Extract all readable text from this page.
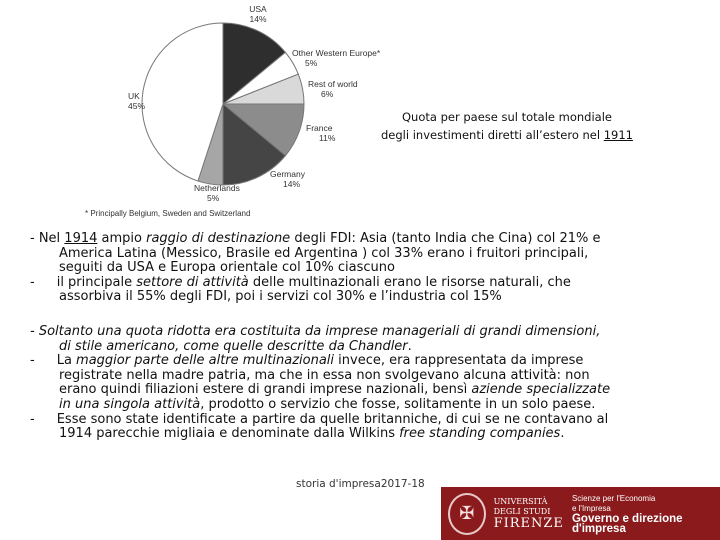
USA
14%
Other Western Europe*
5%
Rest of world
6%
France
11%
Germany
14%
Netherlands
5%
UK
45%
* Principally Belgium, Sweden and Switzerland
Quota per paese sul totale mondiale
degli investimenti diretti all’estero nel 1911

- Nel 1914 ampio raggio di destinazione degli FDI: Asia (tanto India che Cina) col 21% e America Latina (Messico, Brasile ed Argentina ) col 33% erano i fruitori principali, seguiti da USA e Europa orientale col 10% ciascuno

- il principale settore di attività delle multinazionali erano le risorse naturali, che assorbiva il 55% degli FDI, poi i servizi col 30% e l’industria col 15%

- Soltanto una quota ridotta era costituita da imprese manageriali di grandi dimensioni, di stile americano, come quelle descritte da Chandler.

- La maggior parte delle altre multinazionali invece, era rappresentata da imprese registrate nella madre patria, ma che in essa non svolgevano alcuna attività: non erano quindi filiazioni estere di grandi imprese nazionali, bensì aziende specializzate in una singola attività, prodotto o servizio che fosse, solitamente in un solo paese.

- Esse sono state identificate a partire da quelle britanniche, di cui se ne contavano al 1914 parecchie migliaia e denominate dalla Wilkins free standing companies.

storia d'impresa2017-18
✠
UNIVERSITÀ
DEGLI STUDI
FIRENZE
Scienze per l'Economia
e l'Impresa
Governo e direzione d'impresa
